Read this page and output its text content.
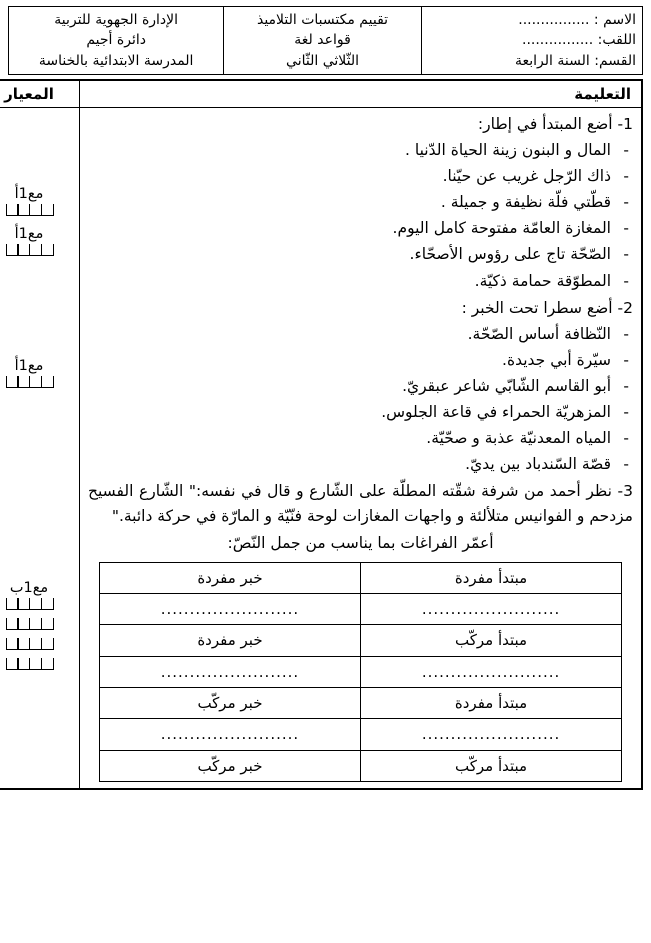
الاسم : ................
اللقب: ................
القسم: السنة الرابعة

تقييم مكتسبات التلاميذ
قواعد لغة
الثّلاثي الثّاني

الإدارة الجهوية للتربية
دائرة أجيم
المدرسة الابتدائية بالخناسة
التعليمة	المعيار

1- أضع المبتدأ في إطار:
-
المال و البنون زينة الحياة الدّنيا .
-
ذاك الرّجل غريب عن حيّنا.
-
قطّتي فلّة نظيفة و جميلة .
-
المغازة العامّة مفتوحة كامل اليوم.
-
الصّحّة تاج على رؤوس الأصحّاء.
-
المطوّقة حمامة ذكيّة.
2- أضع سطرا تحت الخبر :
-
النّظافة أساس الصّحّة.
-
سيّرة أبي جديدة.
-
أبو القاسم الشّابّي شاعر عبقريّ.
-
المزهريّة الحمراء في قاعة الجلوس.
-
المياه المعدنيّة عذبة و صحّيّة.
-
قصّة السّندباد بين يديّ.
3- نظر أحمد من شرفة شقّته المطلّة على الشّارع و قال في نفسه:" الشّارع الفسيح مزدحم و الفوانيس متلألئة و واجهات المغازات لوحة فنّيّة و المارّة في حركة دائبة."
أعمّر الفراغات بما يناسب من جمل النّصّ:
مبتدأ مفردة	خبر مفردة
........................	........................
مبتدأ مركّب	خبر مفردة
........................	........................
مبتدأ مفردة	خبر مركّب
........................	........................
مبتدأ مركّب	خبر مركّب

مع1أ
مع1أ
مع1أ
مع1ب
